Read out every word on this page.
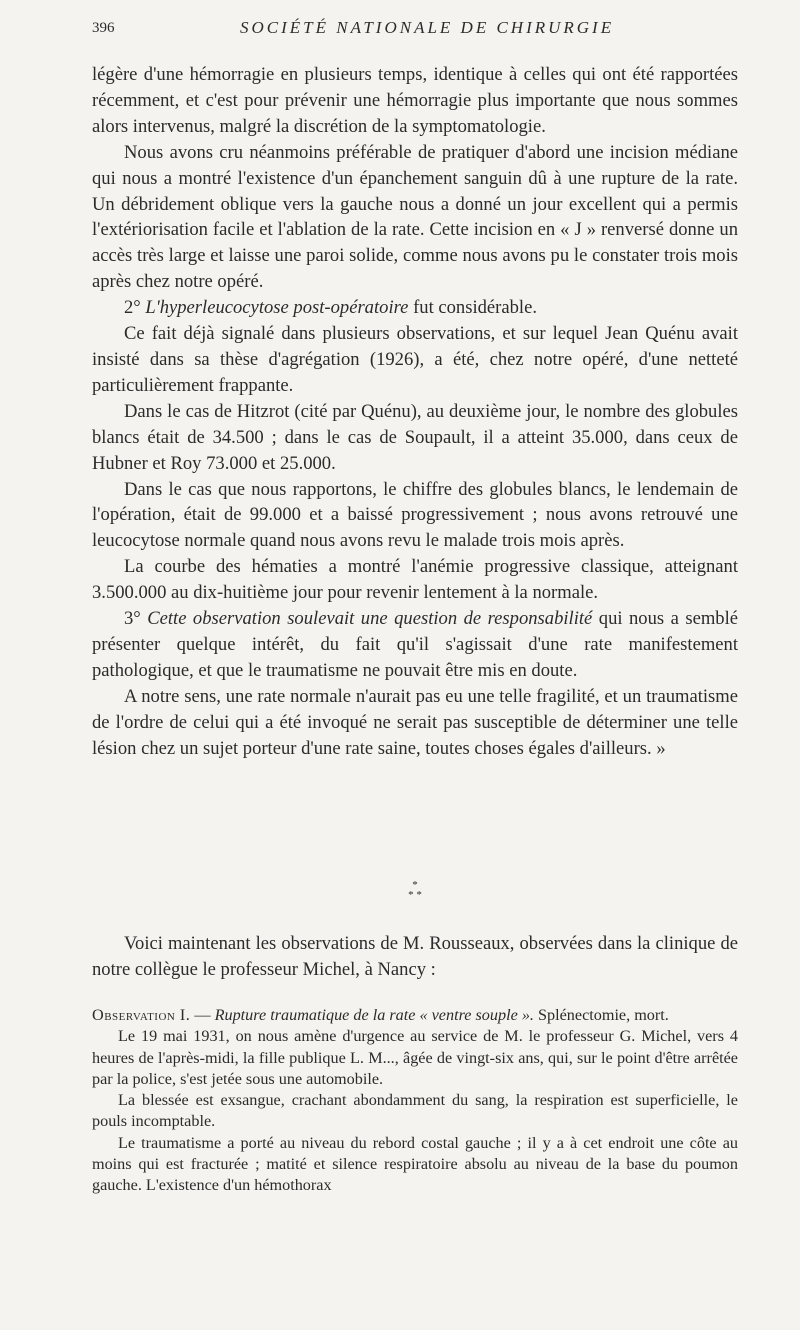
396	SOCIÉTÉ NATIONALE DE CHIRURGIE

légère d'une hémorragie en plusieurs temps, identique à celles qui ont été rapportées récemment, et c'est pour prévenir une hémorragie plus importante que nous sommes alors intervenus, malgré la discrétion de la symptomatologie.

Nous avons cru néanmoins préférable de pratiquer d'abord une incision médiane qui nous a montré l'existence d'un épanchement sanguin dû à une rupture de la rate. Un débridement oblique vers la gauche nous a donné un jour excellent qui a permis l'extériorisation facile et l'ablation de la rate. Cette incision en « J » renversé donne un accès très large et laisse une paroi solide, comme nous avons pu le constater trois mois après chez notre opéré.

2° L'hyperleucocytose post-opératoire fut considérable.

Ce fait déjà signalé dans plusieurs observations, et sur lequel Jean Quénu avait insisté dans sa thèse d'agrégation (1926), a été, chez notre opéré, d'une netteté particulièrement frappante.

Dans le cas de Hitzrot (cité par Quénu), au deuxième jour, le nombre des globules blancs était de 34.500 ; dans le cas de Soupault, il a atteint 35.000, dans ceux de Hubner et Roy 73.000 et 25.000.

Dans le cas que nous rapportons, le chiffre des globules blancs, le lendemain de l'opération, était de 99.000 et a baissé progressivement ; nous avons retrouvé une leucocytose normale quand nous avons revu le malade trois mois après.

La courbe des hématies a montré l'anémie progressive classique, atteignant 3.500.000 au dix-huitième jour pour revenir lentement à la normale.

3° Cette observation soulevait une question de responsabilité qui nous a semblé présenter quelque intérêt, du fait qu'il s'agissait d'une rate manifestement pathologique, et que le traumatisme ne pouvait être mis en doute.

A notre sens, une rate normale n'aurait pas eu une telle fragilité, et un traumatisme de l'ordre de celui qui a été invoqué ne serait pas susceptible de déterminer une telle lésion chez un sujet porteur d'une rate saine, toutes choses égales d'ailleurs. »

*
* *

Voici maintenant les observations de M. Rousseaux, observées dans la clinique de notre collègue le professeur Michel, à Nancy :

Observation I. — Rupture traumatique de la rate « ventre souple ». Splénectomie, mort.

Le 19 mai 1931, on nous amène d'urgence au service de M. le professeur G. Michel, vers 4 heures de l'après-midi, la fille publique L. M..., âgée de vingt-six ans, qui, sur le point d'être arrêtée par la police, s'est jetée sous une automobile.

La blessée est exsangue, crachant abondamment du sang, la respiration est superficielle, le pouls incomptable.

Le traumatisme a porté au niveau du rebord costal gauche ; il y a à cet endroit une côte au moins qui est fracturée ; matité et silence respiratoire absolu au niveau de la base du poumon gauche. L'existence d'un hémothorax
